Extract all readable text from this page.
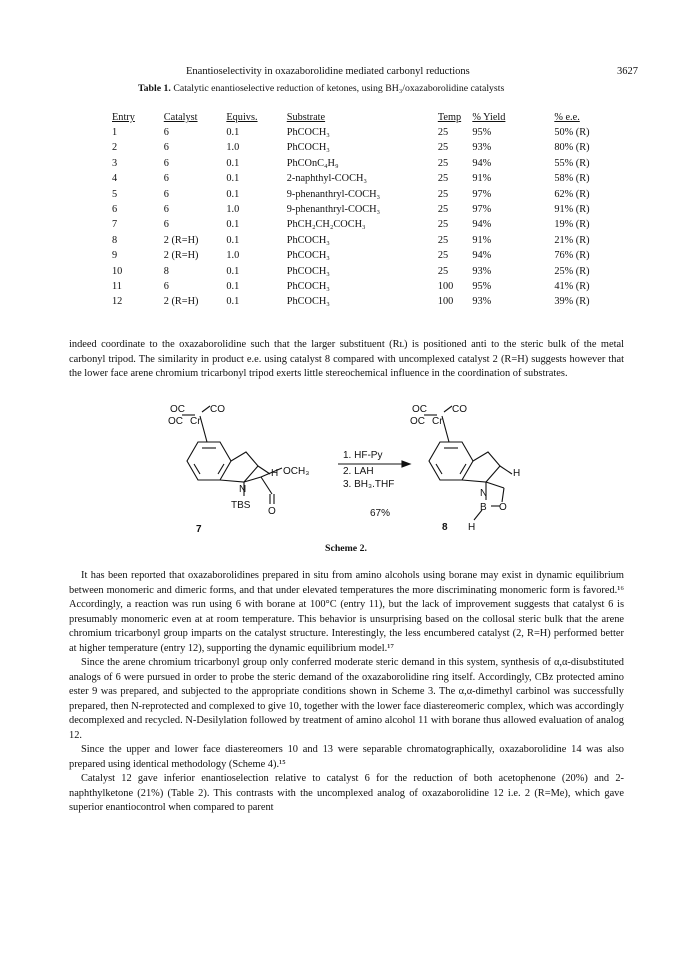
Enantioselectivity in oxazaborolidine mediated carbonyl reductions	3627
Table 1. Catalytic enantioselective reduction of ketones, using BH₃/oxazaborolidine catalysts
Entry	Catalyst	Equivs.	Substrate	Temp	% Yield	% e.e.
1	6	0.1	PhCOCH₃	25	95%	50% (R)
2	6	1.0	PhCOCH₃	25	93%	80% (R)
3	6	0.1	PhCOnC₄H₉	25	94%	55% (R)
4	6	0.1	2-naphthyl-COCH₃	25	91%	58% (R)
5	6	0.1	9-phenanthryl-COCH₃	25	97%	62% (R)
6	6	1.0	9-phenanthryl-COCH₃	25	97%	91% (R)
7	6	0.1	PhCH₂CH₂COCH₃	25	94%	19% (R)
8	2 (R=H)	0.1	PhCOCH₃	25	91%	21% (R)
9	2 (R=H)	1.0	PhCOCH₃	25	94%	76% (R)
10	8	0.1	PhCOCH₃	25	93%	25% (R)
11	6	0.1	PhCOCH₃	100	95%	41% (R)
12	2 (R=H)	0.1	PhCOCH₃	100	93%	39% (R)

indeed coordinate to the oxazaborolidine such that the larger substituent (Rʟ) is positioned anti to the steric bulk of the metal carbonyl tripod. The similarity in product e.e. using catalyst 8 compared with uncomplexed catalyst 2 (R=H) suggests however that the lower face arene chromium tricarbonyl tripod exerts little stereochemical influence in the coordination of substrates.

OC	CO
OC Cr
H
N
OCH₃
TBS
O
7
1. HF-Py
2. LAH
3. BH₃.THF
67%
OC	CO
OC Cr
H
N
B O
H
8
Scheme 2.

It has been reported that oxazaborolidines prepared in situ from amino alcohols using borane may exist in dynamic equilibrium between monomeric and dimeric forms, and that under elevated temperatures the more discriminating monomeric form is favored.¹⁶ Accordingly, a reaction was run using 6 with borane at 100°C (entry 11), but the lack of improvement suggests that catalyst 6 is presumably monomeric even at at room temperature. This behavior is unsurprising based on the collosal steric bulk that the arene chromium tricarbonyl group imparts on the catalyst structure. Interestingly, the less encumbered catalyst (2, R=H) performed better at higher temperature (entry 12), supporting the dynamic equilibrium model.¹⁷

Since the arene chromium tricarbonyl group only conferred moderate steric demand in this system, synthesis of α,α-disubstituted analogs of 6 were pursued in order to probe the steric demand of the oxazaborolidine ring itself. Accordingly, CBz protected amino ester 9 was prepared, and subjected to the appropriate conditions shown in Scheme 3. The α,α-dimethyl carbinol was successfully prepared, then N-reprotected and complexed to give 10, together with the lower face diastereomeric complex, which was accordingly decomplexed and recycled. N-Desilylation followed by treatment of amino alcohol 11 with borane thus allowed evaluation of analog 12.

Since the upper and lower face diastereomers 10 and 13 were separable chromatographically, oxazaborolidine 14 was also prepared using identical methodology (Scheme 4).¹⁵

Catalyst 12 gave inferior enantioselection relative to catalyst 6 for the reduction of both acetophenone (20%) and 2-naphthylketone (21%) (Table 2). This contrasts with the uncomplexed analog of oxazaborolidine 12 i.e. 2 (R=Me), which gave superior enantiocontrol when compared to parent
